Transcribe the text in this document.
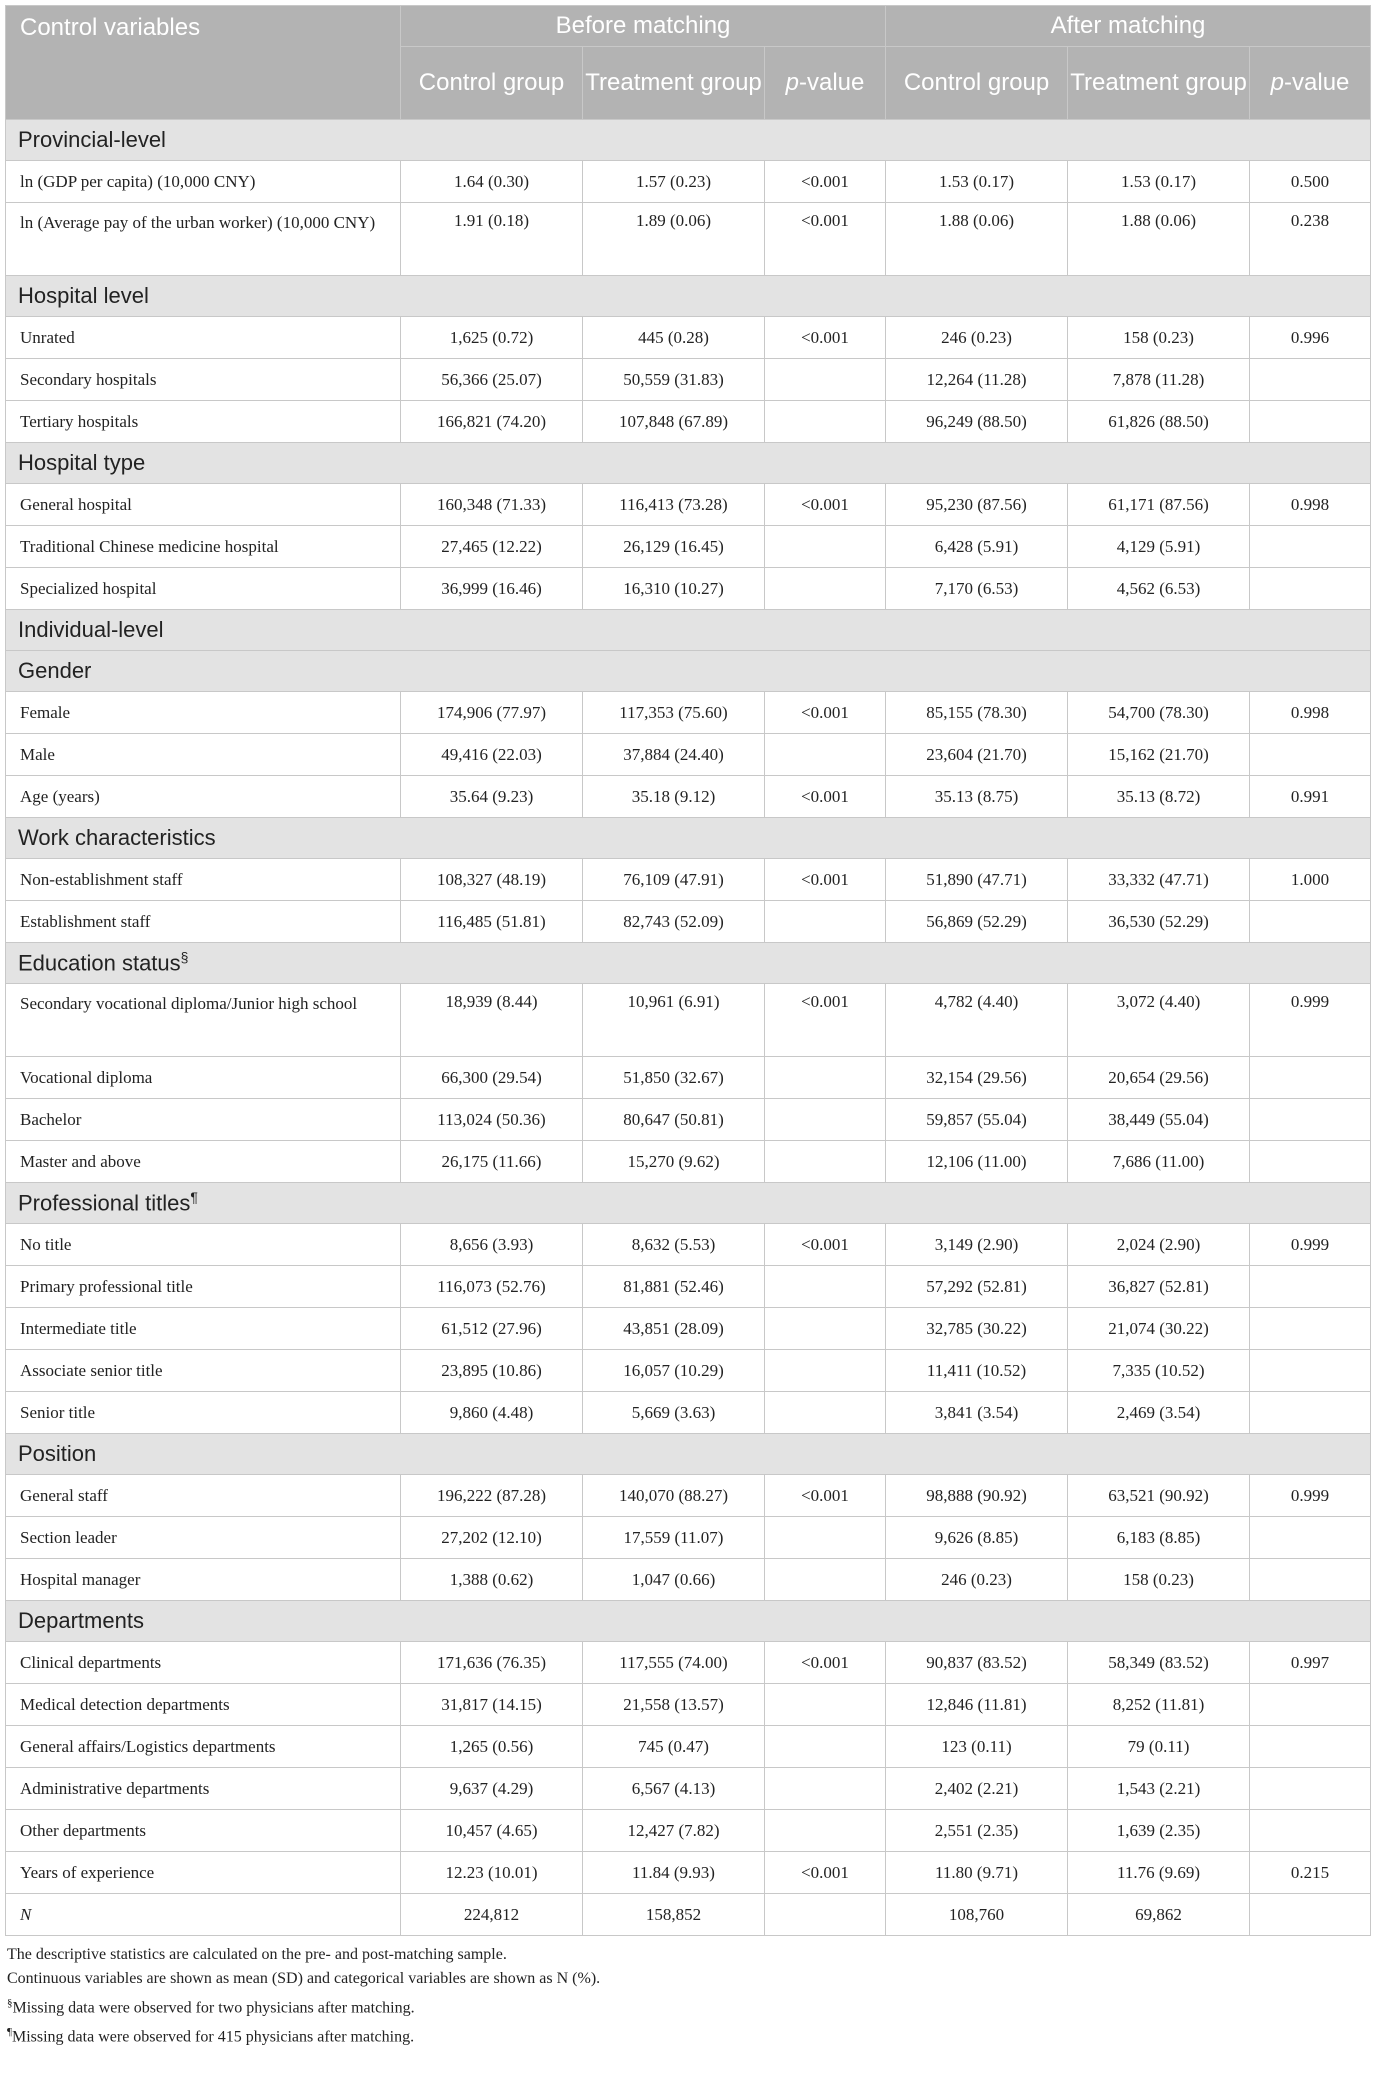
Control variables	Before matching			After matching		
	Control group	Treatment group	p-value	Control group	Treatment group	p-value
Provincial-level						
ln (GDP per capita) (10,000 CNY)	1.64 (0.30)	1.57 (0.23)	<0.001	1.53 (0.17)	1.53 (0.17)	0.500
ln (Average pay of the urban worker) (10,000 CNY)	1.91 (0.18)	1.89 (0.06)	<0.001	1.88 (0.06)	1.88 (0.06)	0.238
Hospital level						
Unrated	1,625 (0.72)	445 (0.28)	<0.001	246 (0.23)	158 (0.23)	0.996
Secondary hospitals	56,366 (25.07)	50,559 (31.83)		12,264 (11.28)	7,878 (11.28)	
Tertiary hospitals	166,821 (74.20)	107,848 (67.89)		96,249 (88.50)	61,826 (88.50)	
Hospital type						
General hospital	160,348 (71.33)	116,413 (73.28)	<0.001	95,230 (87.56)	61,171 (87.56)	0.998
Traditional Chinese medicine hospital	27,465 (12.22)	26,129 (16.45)		6,428 (5.91)	4,129 (5.91)	
Specialized hospital	36,999 (16.46)	16,310 (10.27)		7,170 (6.53)	4,562 (6.53)	
Individual-level						
Gender						
Female	174,906 (77.97)	117,353 (75.60)	<0.001	85,155 (78.30)	54,700 (78.30)	0.998
Male	49,416 (22.03)	37,884 (24.40)		23,604 (21.70)	15,162 (21.70)	
Age (years)	35.64 (9.23)	35.18 (9.12)	<0.001	35.13 (8.75)	35.13 (8.72)	0.991
Work characteristics						
Non-establishment staff	108,327 (48.19)	76,109 (47.91)	<0.001	51,890 (47.71)	33,332 (47.71)	1.000
Establishment staff	116,485 (51.81)	82,743 (52.09)		56,869 (52.29)	36,530 (52.29)	
Education status§
Secondary vocational diploma/Junior high school	18,939 (8.44)	10,961 (6.91)	<0.001	4,782 (4.40)	3,072 (4.40)	0.999
Vocational diploma	66,300 (29.54)	51,850 (32.67)		32,154 (29.56)	20,654 (29.56)	
Bachelor	113,024 (50.36)	80,647 (50.81)		59,857 (55.04)	38,449 (55.04)	
Master and above	26,175 (11.66)	15,270 (9.62)		12,106 (11.00)	7,686 (11.00)	
Professional titles¶
No title	8,656 (3.93)	8,632 (5.53)	<0.001	3,149 (2.90)	2,024 (2.90)	0.999
Primary professional title	116,073 (52.76)	81,881 (52.46)		57,292 (52.81)	36,827 (52.81)	
Intermediate title	61,512 (27.96)	43,851 (28.09)		32,785 (30.22)	21,074 (30.22)	
Associate senior title	23,895 (10.86)	16,057 (10.29)		11,411 (10.52)	7,335 (10.52)	
Senior title	9,860 (4.48)	5,669 (3.63)		3,841 (3.54)	2,469 (3.54)	
Position						
General staff	196,222 (87.28)	140,070 (88.27)	<0.001	98,888 (90.92)	63,521 (90.92)	0.999
Section leader	27,202 (12.10)	17,559 (11.07)		9,626 (8.85)	6,183 (8.85)	
Hospital manager	1,388 (0.62)	1,047 (0.66)		246 (0.23)	158 (0.23)	
Departments						
Clinical departments	171,636 (76.35)	117,555 (74.00)	<0.001	90,837 (83.52)	58,349 (83.52)	0.997
Medical detection departments	31,817 (14.15)	21,558 (13.57)		12,846 (11.81)	8,252 (11.81)	
General affairs/Logistics departments	1,265 (0.56)	745 (0.47)		123 (0.11)	79 (0.11)	
Administrative departments	9,637 (4.29)	6,567 (4.13)		2,402 (2.21)	1,543 (2.21)	
Other departments	10,457 (4.65)	12,427 (7.82)		2,551 (2.35)	1,639 (2.35)	
Years of experience	12.23 (10.01)	11.84 (9.93)	<0.001	11.80 (9.71)	11.76 (9.69)	0.215
N	224,812	158,852		108,760	69,862	
The descriptive statistics are calculated on the pre- and post-matching sample.
Continuous variables are shown as mean (SD) and categorical variables are shown as N (%).
§Missing data were observed for two physicians after matching.
¶Missing data were observed for 415 physicians after matching.
